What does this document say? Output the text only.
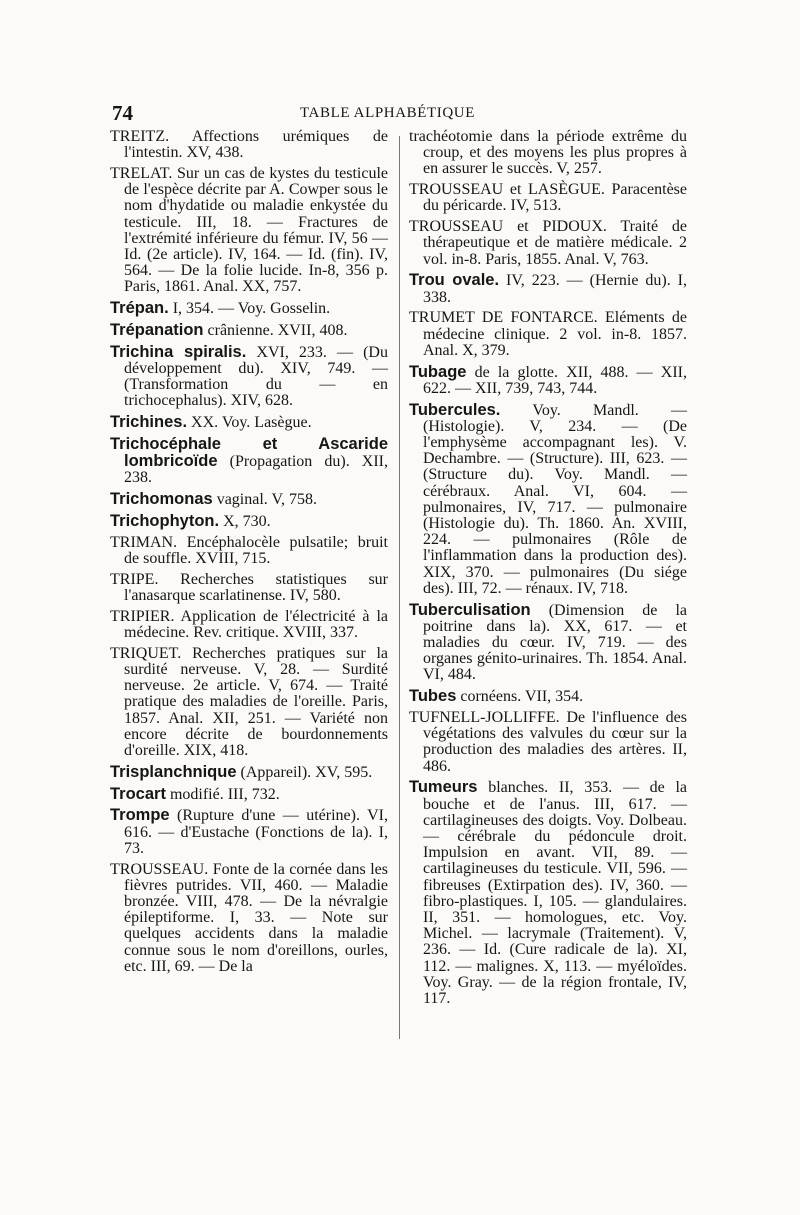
74	TABLE ALPHABÉTIQUE

TREITZ. Affections urémiques de l'intestin. XV, 438.

TRELAT. Sur un cas de kystes du testicule de l'espèce décrite par A. Cowper sous le nom d'hydatide ou maladie enkystée du testicule. III, 18. — Fractures de l'extrémité inférieure du fémur. IV, 56 — Id. (2e article). IV, 164. — Id. (fin). IV, 564. — De la folie lucide. In-8, 356 p. Paris, 1861. Anal. XX, 757.

Trépan. I, 354. — Voy. Gosselin.

Trépanation crânienne. XVII, 408.

Trichina spiralis. XVI, 233. — (Du développement du). XIV, 749. — (Transformation du — en trichocephalus). XIV, 628.

Trichines. XX. Voy. Lasègue.

Trichocéphale et Ascaride lombricoïde (Propagation du). XII, 238.

Trichomonas vaginal. V, 758.

Trichophyton. X, 730.

TRIMAN. Encéphalocèle pulsatile; bruit de souffle. XVIII, 715.

TRIPE. Recherches statistiques sur l'anasarque scarlatinense. IV, 580.

TRIPIER. Application de l'électricité à la médecine. Rev. critique. XVIII, 337.

TRIQUET. Recherches pratiques sur la surdité nerveuse. V, 28. — Surdité nerveuse. 2e article. V, 674. — Traité pratique des maladies de l'oreille. Paris, 1857. Anal. XII, 251. — Variété non encore décrite de bourdonnements d'oreille. XIX, 418.

Trisplanchnique (Appareil). XV, 595.

Trocart modifié. III, 732.

Trompe (Rupture d'une — utérine). VI, 616. — d'Eustache (Fonctions de la). I, 73.

TROUSSEAU. Fonte de la cornée dans les fièvres putrides. VII, 460. — Maladie bronzée. VIII, 478. — De la névralgie épileptiforme. I, 33. — Note sur quelques accidents dans la maladie connue sous le nom d'oreillons, ourles, etc. III, 69. — De la

trachéotomie dans la période extrême du croup, et des moyens les plus propres à en assurer le succès. V, 257.

TROUSSEAU et LASÈGUE. Paracentèse du péricarde. IV, 513.

TROUSSEAU et PIDOUX. Traité de thérapeutique et de matière médicale. 2 vol. in-8. Paris, 1855. Anal. V, 763.

Trou ovale. IV, 223. — (Hernie du). I, 338.

TRUMET DE FONTARCE. Eléments de médecine clinique. 2 vol. in-8. 1857. Anal. X, 379.

Tubage de la glotte. XII, 488. — XII, 622. — XII, 739, 743, 744.

Tubercules. Voy. Mandl. — (Histologie). V, 234. — (De l'emphysème accompagnant les). V. Dechambre. — (Structure). III, 623. — (Structure du). Voy. Mandl. — cérébraux. Anal. VI, 604. — pulmonaires, IV, 717. — pulmonaire (Histologie du). Th. 1860. An. XVIII, 224. — pulmonaires (Rôle de l'inflammation dans la production des). XIX, 370. — pulmonaires (Du siége des). III, 72. — rénaux. IV, 718.

Tuberculisation (Dimension de la poitrine dans la). XX, 617. — et maladies du cœur. IV, 719. — des organes génito-urinaires. Th. 1854. Anal. VI, 484.

Tubes cornéens. VII, 354.

TUFNELL-JOLLIFFE. De l'influence des végétations des valvules du cœur sur la production des maladies des artères. II, 486.

Tumeurs blanches. II, 353. — de la bouche et de l'anus. III, 617. — cartilagineuses des doigts. Voy. Dolbeau. — cérébrale du pédoncule droit. Impulsion en avant. VII, 89. — cartilagineuses du testicule. VII, 596. — fibreuses (Extirpation des). IV, 360. — fibro-plastiques. I, 105. — glandulaires. II, 351. — homologues, etc. Voy. Michel. — lacrymale (Traitement). V, 236. — Id. (Cure radicale de la). XI, 112. — malignes. X, 113. — myéloïdes. Voy. Gray. — de la région frontale, IV, 117.
